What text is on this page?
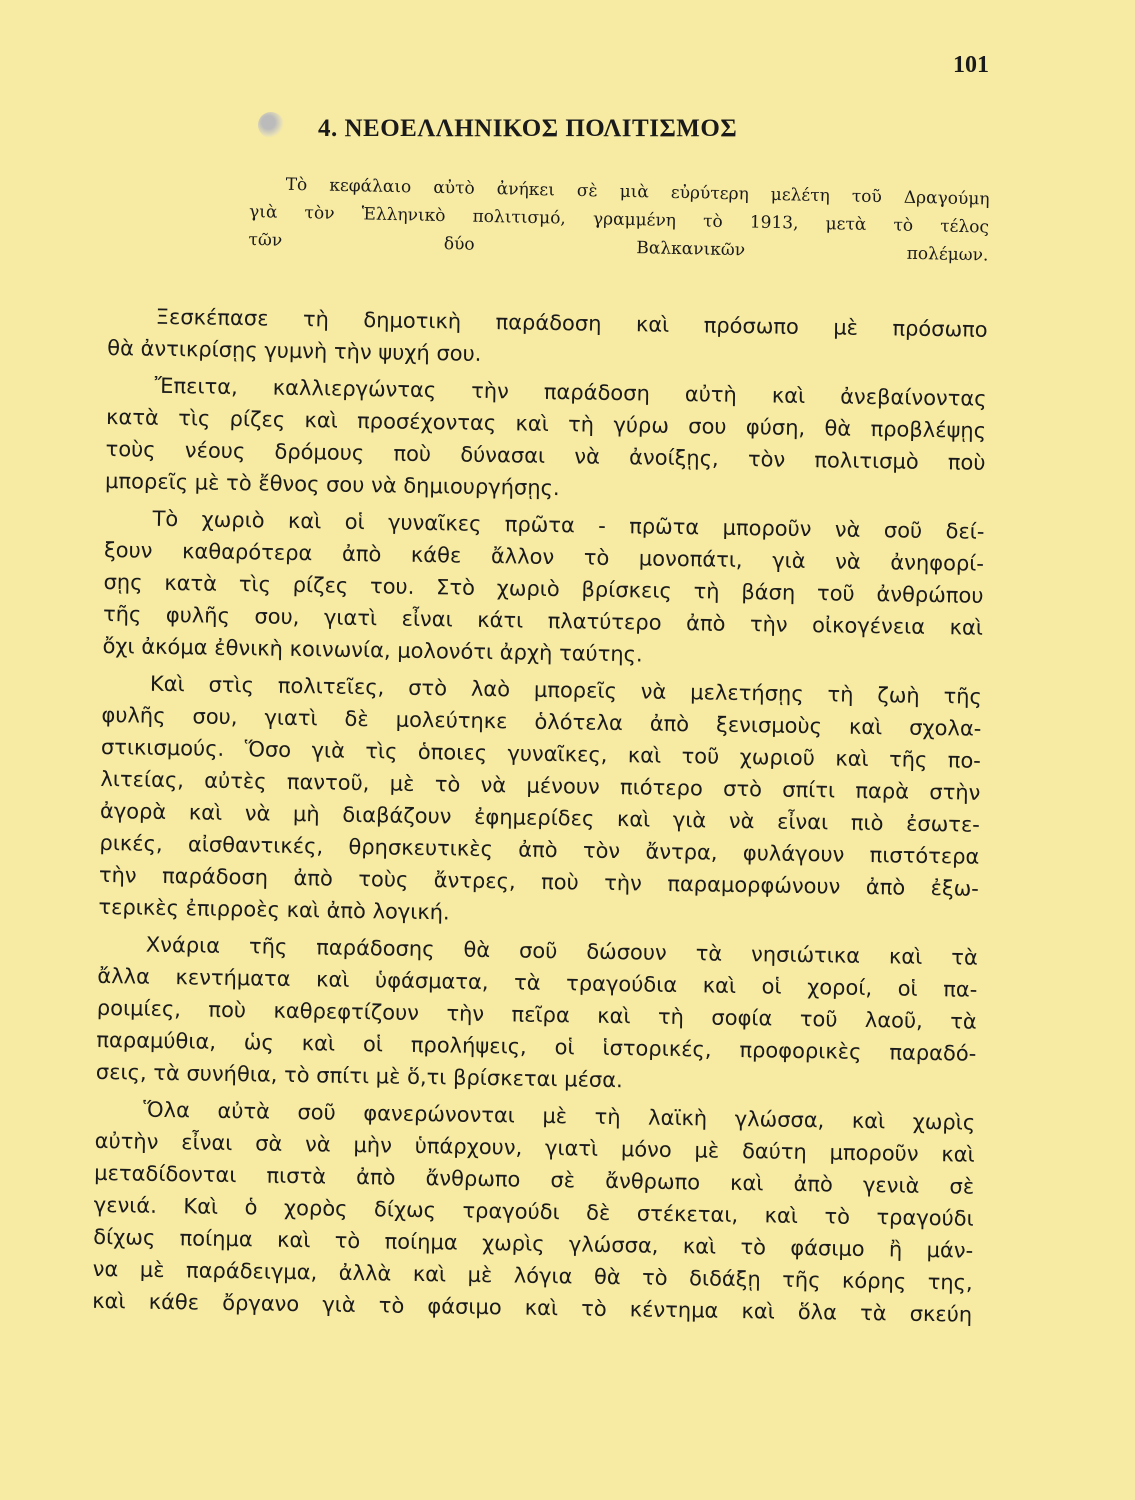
101
4. ΝΕΟΕΛΛΗΝΙΚΟΣ ΠΟΛΙΤΙΣΜΟΣ
Τὸ κεφάλαιο αὐτὸ ἀνήκει σὲ μιὰ εὐρύτερη μελέτη τοῦ Δραγούμη
γιὰ τὸν Ἑλληνικὸ πολιτισμό, γραμμένη τὸ 1913, μετὰ τὸ τέλος
τῶν δύο Βαλκανικῶν πολέμων.
Ξεσκέπασε τὴ δημοτικὴ παράδοση καὶ πρόσωπο μὲ πρόσωπο
θὰ ἀντικρίσῃς γυμνὴ τὴν ψυχή σου.
Ἔπειτα, καλλιεργώντας τὴν παράδοση αὐτὴ καὶ ἀνεβαίνοντας
κατὰ τὶς ρίζες καὶ προσέχοντας καὶ τὴ γύρω σου φύση, θὰ προβλέψῃς
τοὺς νέους δρόμους ποὺ δύνασαι νὰ ἀνοίξῃς, τὸν πολιτισμὸ ποὺ
μπορεῖς μὲ τὸ ἔθνος σου νὰ δημιουργήσῃς.
Τὸ χωριὸ καὶ οἱ γυναῖκες πρῶτα - πρῶτα μποροῦν νὰ σοῦ δεί-
ξουν καθαρότερα ἀπὸ κάθε ἄλλον τὸ μονοπάτι, γιὰ νὰ ἀνηφορί-
σῃς κατὰ τὶς ρίζες του. Στὸ χωριὸ βρίσκεις τὴ βάση τοῦ ἀνθρώπου
τῆς φυλῆς σου, γιατὶ εἶναι κάτι πλατύτερο ἀπὸ τὴν οἰκογένεια καὶ
ὄχι ἀκόμα ἐθνικὴ κοινωνία, μολονότι ἀρχὴ ταύτης.
Καὶ στὶς πολιτεῖες, στὸ λαὸ μπορεῖς νὰ μελετήσῃς τὴ ζωὴ τῆς
φυλῆς σου, γιατὶ δὲ μολεύτηκε ὁλότελα ἀπὸ ξενισμοὺς καὶ σχολα-
στικισμούς. Ὅσο γιὰ τὶς ὁποιες γυναῖκες, καὶ τοῦ χωριοῦ καὶ τῆς πο-
λιτείας, αὐτὲς παντοῦ, μὲ τὸ νὰ μένουν πιότερο στὸ σπίτι παρὰ στὴν
ἀγορὰ καὶ νὰ μὴ διαβάζουν ἐφημερίδες καὶ γιὰ νὰ εἶναι πιὸ ἐσωτε-
ρικές, αἰσθαντικές, θρησκευτικὲς ἀπὸ τὸν ἄντρα, φυλάγουν πιστότερα
τὴν παράδοση ἀπὸ τοὺς ἄντρες, ποὺ τὴν παραμορφώνουν ἀπὸ ἐξω-
τερικὲς ἐπιρροὲς καὶ ἀπὸ λογική.
Χνάρια τῆς παράδοσης θὰ σοῦ δώσουν τὰ νησιώτικα καὶ τὰ
ἄλλα κεντήματα καὶ ὑφάσματα, τὰ τραγούδια καὶ οἱ χοροί, οἱ πα-
ροιμίες, ποὺ καθρεφτίζουν τὴν πεῖρα καὶ τὴ σοφία τοῦ λαοῦ, τὰ
παραμύθια, ὡς καὶ οἱ προλήψεις, οἱ ἱστορικές, προφορικὲς παραδό-
σεις, τὰ συνήθια, τὸ σπίτι μὲ ὅ,τι βρίσκεται μέσα.
Ὅλα αὐτὰ σοῦ φανερώνονται μὲ τὴ λαϊκὴ γλώσσα, καὶ χωρὶς
αὐτὴν εἶναι σὰ νὰ μὴν ὑπάρχουν, γιατὶ μόνο μὲ δαύτη μποροῦν καὶ
μεταδίδονται πιστὰ ἀπὸ ἄνθρωπο σὲ ἄνθρωπο καὶ ἀπὸ γενιὰ σὲ
γενιά. Καὶ ὁ χορὸς δίχως τραγούδι δὲ στέκεται, καὶ τὸ τραγούδι
δίχως ποίημα καὶ τὸ ποίημα χωρὶς γλώσσα, καὶ τὸ φάσιμο ἢ μάν-
να μὲ παράδειγμα, ἀλλὰ καὶ μὲ λόγια θὰ τὸ διδάξῃ τῆς κόρης της,
καὶ κάθε ὄργανο γιὰ τὸ φάσιμο καὶ τὸ κέντημα καὶ ὅλα τὰ σκεύη
